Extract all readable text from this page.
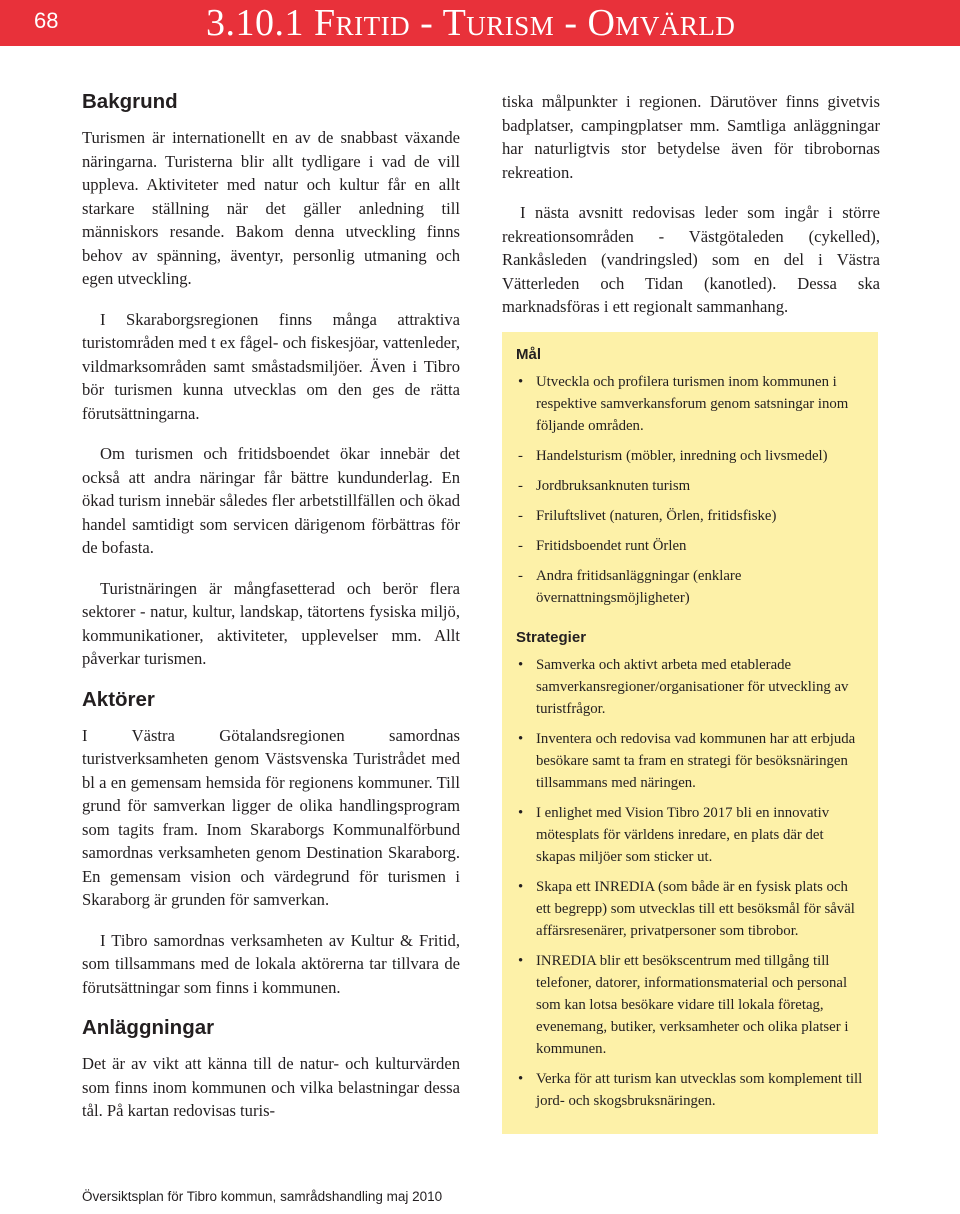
68	3.10.1 Fritid - Turism - Omvärld
Bakgrund

Turismen är internationellt en av de snabbast växande näringarna. Turisterna blir allt tydligare i vad de vill uppleva. Aktiviteter med natur och kultur får en allt starkare ställning när det gäller anledning till människors resande. Bakom denna utveckling finns behov av spänning, äventyr, personlig utmaning och egen utveckling.

I Skaraborgsregionen finns många attraktiva turistområden med t ex fågel- och fiskesjöar, vattenleder, vildmarksområden samt småstadsmiljöer. Även i Tibro bör turismen kunna utvecklas om den ges de rätta förutsättningarna.

Om turismen och fritidsboendet ökar innebär det också att andra näringar får bättre kundunderlag. En ökad turism innebär således fler arbetstillfällen och ökad handel samtidigt som servicen därigenom förbättras för de bofasta.

Turistnäringen är mångfasetterad och berör flera sektorer - natur, kultur, landskap, tätortens fysiska miljö, kommunikationer, aktiviteter, upplevelser mm. Allt påverkar turismen.

Aktörer

I Västra Götalandsregionen samordnas turistverksamheten genom Västsvenska Turistrådet med bl a en gemensam hemsida för regionens kommuner. Till grund för samverkan ligger de olika handlingsprogram som tagits fram. Inom Skaraborgs Kommunalförbund samordnas verksamheten genom Destination Skaraborg. En gemensam vision och värdegrund för turismen i Skaraborg är grunden för samverkan.

I Tibro samordnas verksamheten av Kultur & Fritid, som tillsammans med de lokala aktörerna tar tillvara de förutsättningar som finns i kommunen.

Anläggningar

Det är av vikt att känna till de natur- och kulturvärden som finns inom kommunen och vilka belastningar dessa tål. På kartan redovisas turis-

tiska målpunkter i regionen. Därutöver finns givetvis badplatser, campingplatser mm. Samtliga anläggningar har naturligtvis stor betydelse även för tibrobornas rekreation.

I nästa avsnitt redovisas leder som ingår i större rekreationsområden - Västgötaleden (cykelled), Rankåsleden (vandringsled) som en del i Västra Vätterleden och Tidan (kanotled). Dessa ska marknadsföras i ett regionalt sammanhang.

Mål
• Utveckla och profilera turismen inom kommunen i respektive samverkansforum genom satsningar inom följande områden.
- Handelsturism (möbler, inredning och livsmedel)
- Jordbruksanknuten turism
- Friluftslivet (naturen, Örlen, fritidsfiske)
- Fritidsboendet runt Örlen
- Andra fritidsanläggningar (enklare övernattningsmöjligheter)
Strategier
• Samverka och aktivt arbeta med etablerade samverkansregioner/organisationer för utveckling av turistfrågor.
• Inventera och redovisa vad kommunen har att erbjuda besökare samt ta fram en strategi för besöksnäringen tillsammans med näringen.
• I enlighet med Vision Tibro 2017 bli en innovativ mötesplats för världens inredare, en plats där det skapas miljöer som sticker ut.
• Skapa ett INREDIA (som både är en fysisk plats och ett begrepp) som utvecklas till ett besöksmål för såväl affärsresenärer, privatpersoner som tibrobor.
• INREDIA blir ett besökscentrum med tillgång till telefoner, datorer, informationsmaterial och personal som kan lotsa besökare vidare till lokala företag, evenemang, butiker, verksamheter och olika platser i kommunen.
• Verka för att turism kan utvecklas som komplement till jord- och skogsbruksnäringen.
Översiktsplan för Tibro kommun, samrådshandling maj 2010
